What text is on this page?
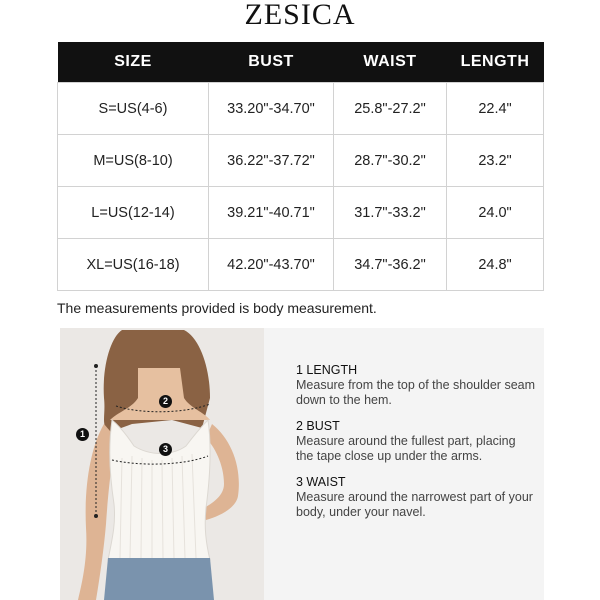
ZESICA
SIZE	BUST	WAIST	LENGTH
S=US(4-6)	33.20"-34.70"	25.8"-27.2"	22.4"
M=US(8-10)	36.22"-37.72"	28.7"-30.2"	23.2"
L=US(12-14)	39.21"-40.71"	31.7"-33.2"	24.0"
XL=US(16-18)	42.20"-43.70"	34.7"-36.2"	24.8"
The measurements provided is body measurement.
1
2
3
1 LENGTH
Measure from the top of the shoulder seam down to the hem.
2 BUST
Measure around the fullest part, placing the tape close up under the arms.
3 WAIST
Measure around the narrowest part of your body, under your navel.
